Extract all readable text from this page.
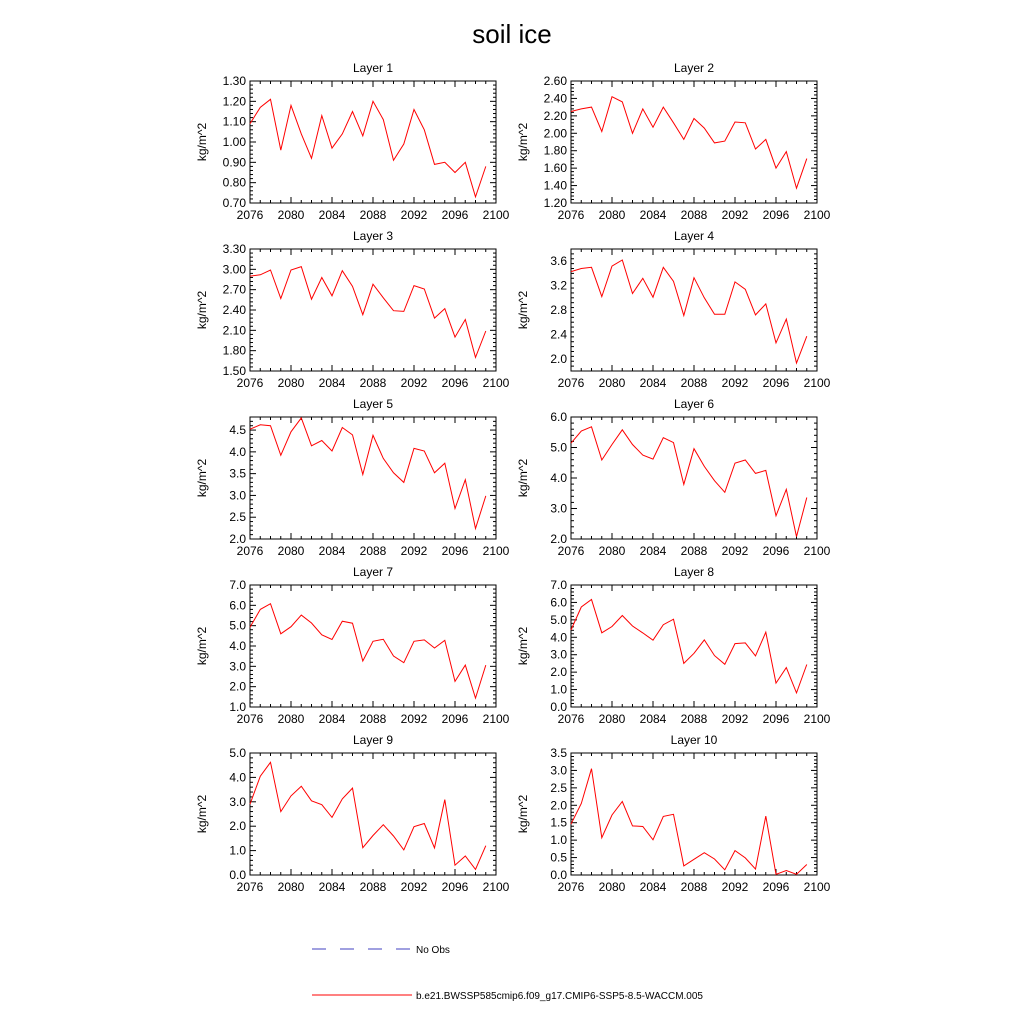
soil ice
Layer 1
2076 2080 2084 2088 2092 2096 2100
0.70
0.80
0.90
1.00
1.10
1.20
1.30
kg/m^2
Layer 2
2076 2080 2084 2088 2092 2096 2100
1.20
1.40
1.60
1.80
2.00
2.20
2.40
2.60
kg/m^2
Layer 3
2076 2080 2084 2088 2092 2096 2100
1.50
1.80
2.10
2.40
2.70
3.00
3.30
kg/m^2
Layer 4
2076 2080 2084 2088 2092 2096 2100
2.0
2.4
2.8
3.2
3.6
kg/m^2
Layer 5
2076 2080 2084 2088 2092 2096 2100
2.0
2.5
3.0
3.5
4.0
4.5
kg/m^2
Layer 6
2076 2080 2084 2088 2092 2096 2100
2.0
3.0
4.0
5.0
6.0
kg/m^2
Layer 7
2076 2080 2084 2088 2092 2096 2100
1.0
2.0
3.0
4.0
5.0
6.0
7.0
kg/m^2
Layer 8
2076 2080 2084 2088 2092 2096 2100
0.0
1.0
2.0
3.0
4.0
5.0
6.0
7.0
kg/m^2
Layer 9
2076 2080 2084 2088 2092 2096 2100
0.0
1.0
2.0
3.0
4.0
5.0
kg/m^2
Layer 10
2076 2080 2084 2088 2092 2096 2100
0.0
0.5
1.0
1.5
2.0
2.5
3.0
3.5
kg/m^2
No Obs
b.e21.BWSSP585cmip6.f09_g17.CMIP6-SSP5-8.5-WACCM.005
